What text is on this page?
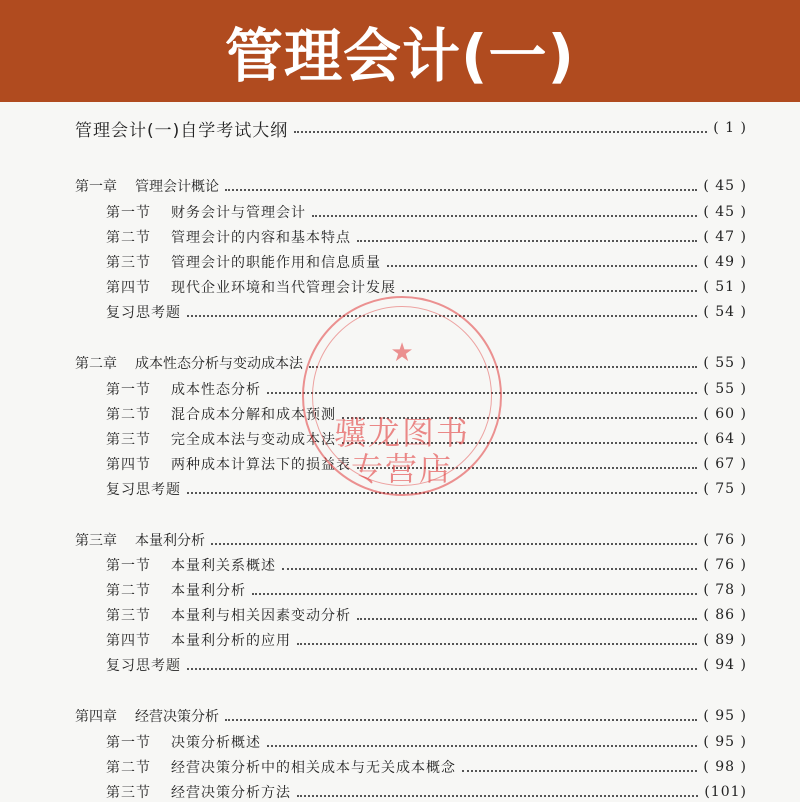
管理会计(一)
管理会计(一)自学考试大纲	( 1 )
第一章 管理会计概论	( 45 )
第一节 财务会计与管理会计	( 45 )
第二节 管理会计的内容和基本特点	( 47 )
第三节 管理会计的职能作用和信息质量	( 49 )
第四节 现代企业环境和当代管理会计发展	( 51 )
复习思考题	( 54 )
第二章 成本性态分析与变动成本法	( 55 )
第一节 成本性态分析	( 55 )
第二节 混合成本分解和成本预测	( 60 )
第三节 完全成本法与变动成本法	( 64 )
第四节 两种成本计算法下的损益表	( 67 )
复习思考题	( 75 )
第三章 本量利分析	( 76 )
第一节 本量利关系概述	( 76 )
第二节 本量利分析	( 78 )
第三节 本量利与相关因素变动分析	( 86 )
第四节 本量利分析的应用	( 89 )
复习思考题	( 94 )
第四章 经营决策分析	( 95 )
第一节 决策分析概述	( 95 )
第二节 经营决策分析中的相关成本与无关成本概念	( 98 )
第三节 经营决策分析方法	(101)
★
骥龙图书
专营店
